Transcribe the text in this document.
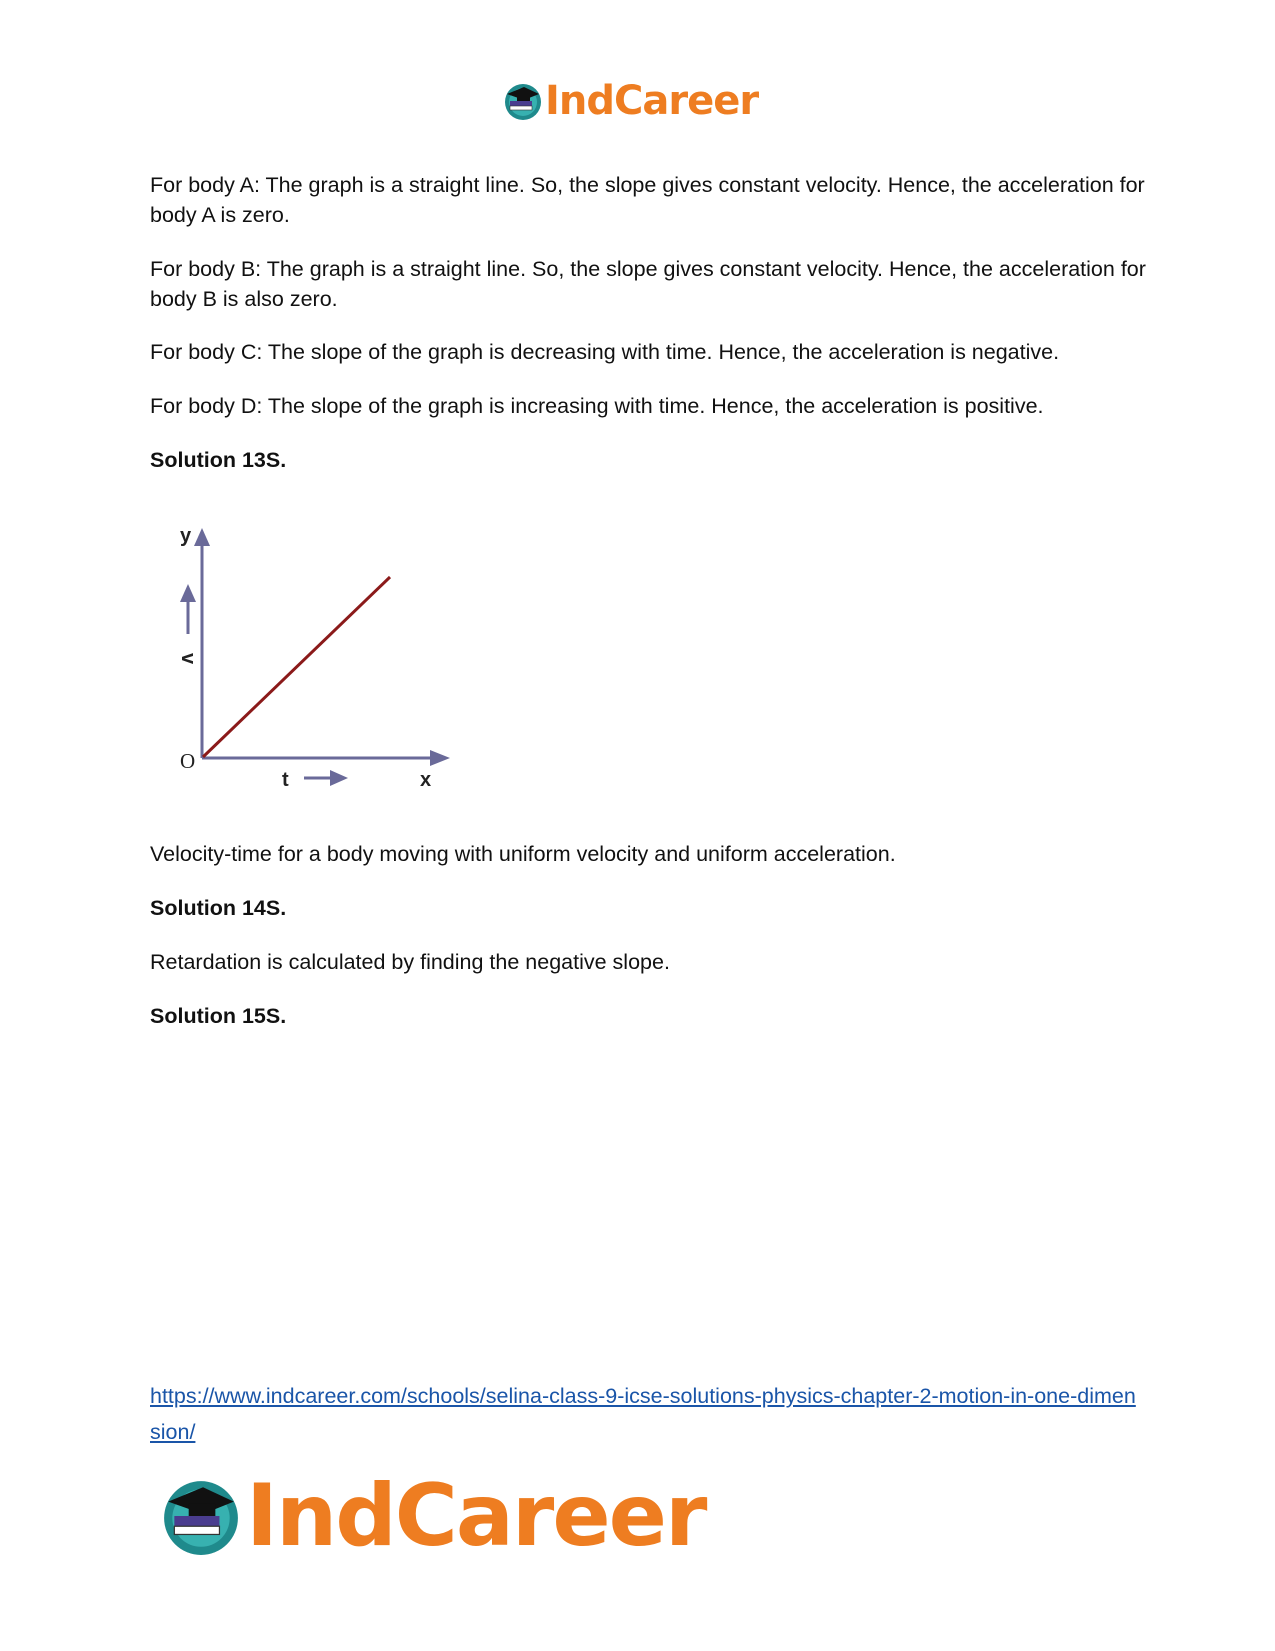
IndCareer

For body A: The graph is a straight line. So, the slope gives constant velocity. Hence, the acceleration for body A is zero.

For body B: The graph is a straight line. So, the slope gives constant velocity. Hence, the acceleration for body B is also zero.

For body C: The slope of the graph is decreasing with time. Hence, the acceleration is negative.

For body D: The slope of the graph is increasing with time. Hence, the acceleration is positive.

Solution 13S.

y
x
O
v
t

Velocity-time for a body moving with uniform velocity and uniform acceleration.

Solution 14S.

Retardation is calculated by finding the negative slope.

Solution 15S.

https://www.indcareer.com/schools/selina-class-9-icse-solutions-physics-chapter-2-motion-in-one-dimension/
IndCareer
